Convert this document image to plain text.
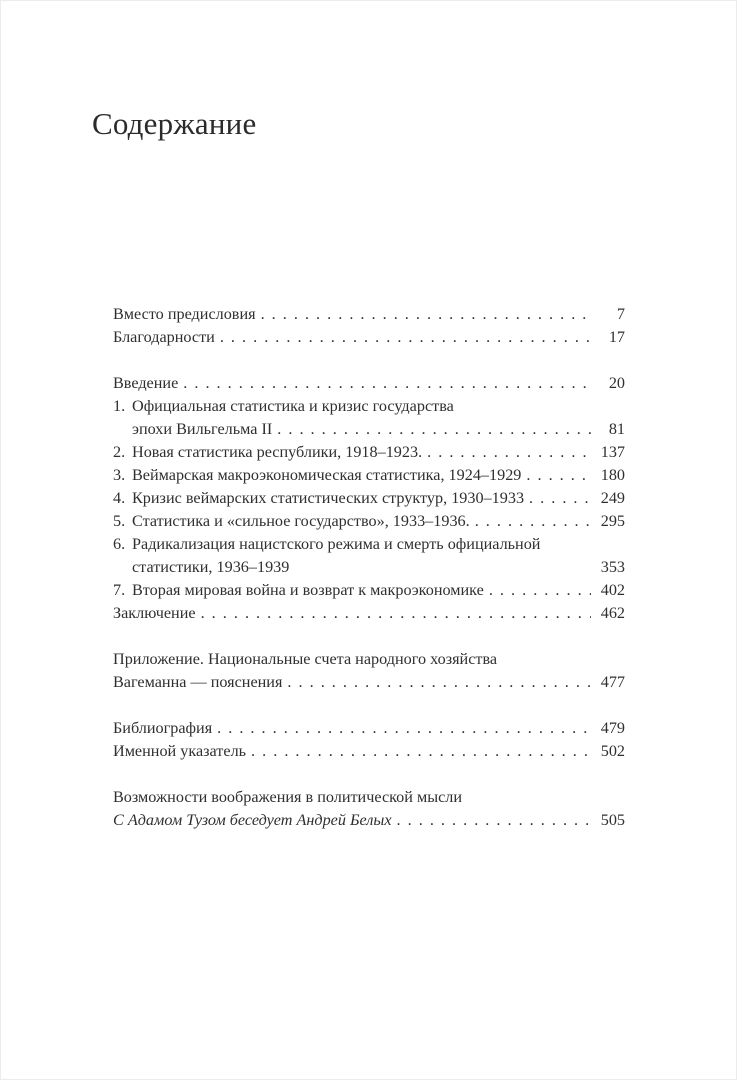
Содержание
Вместо предисловия . . .	7
Благодарности . . .	17
Введение . . .	20
1. Официальная статистика и кризис государства
эпохи Вильгельма II . . .	81
2. Новая статистика республики, 1918–1923. . . .	137
3. Веймарская макроэкономическая статистика, 1924–1929 . . .	180
4. Кризис веймарских статистических структур, 1930–1933 . . .	249
5. Статистика и «сильное государство», 1933–1936. . . .	295
6. Радикализация нацистского режима и смерть официальной
статистики, 1936–1939	353
7. Вторая мировая война и возврат к макроэкономике . . .	402
Заключение . . .	462
Приложение. Национальные счета народного хозяйства
Вагеманна — пояснения . . .	477
Библиография . . .	479
Именной указатель . . .	502
Возможности воображения в политической мысли
С Адамом Тузом беседует Андрей Белых . . .	505
